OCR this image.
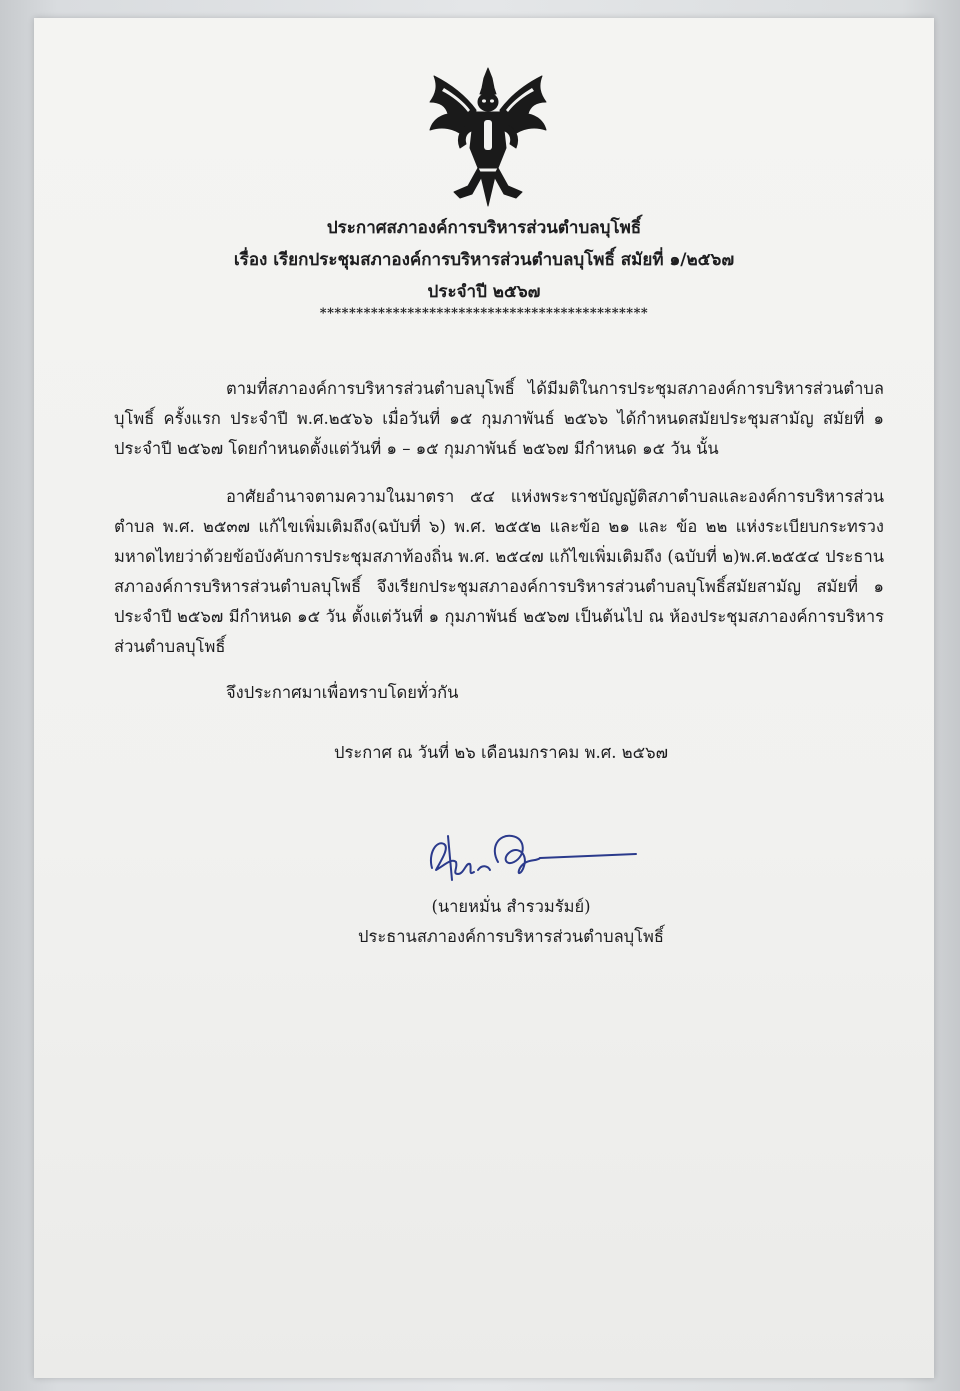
ประกาศสภาองค์การบริหารส่วนตำบลบุโพธิ์
เรื่อง เรียกประชุมสภาองค์การบริหารส่วนตำบลบุโพธิ์ สมัยที่ ๑/๒๕๖๗
ประจำปี ๒๕๖๗
*********************************************
ตามที่สภาองค์การบริหารส่วนตำบลบุโพธิ์ ได้มีมติในการประชุมสภาองค์การบริหารส่วนตำบลบุโพธิ์ ครั้งแรก ประจำปี พ.ศ.๒๕๖๖ เมื่อวันที่ ๑๕ กุมภาพันธ์ ๒๕๖๖ ได้กำหนดสมัยประชุมสามัญ สมัยที่ ๑ ประจำปี ๒๕๖๗ โดยกำหนดตั้งแต่วันที่ ๑ – ๑๕ กุมภาพันธ์ ๒๕๖๗ มีกำหนด ๑๕ วัน นั้น
อาศัยอำนาจตามความในมาตรา ๕๔ แห่งพระราชบัญญัติสภาตำบลและองค์การบริหารส่วนตำบล พ.ศ. ๒๕๓๗ แก้ไขเพิ่มเติมถึง(ฉบับที่ ๖) พ.ศ. ๒๕๕๒ และข้อ ๒๑ และ ข้อ ๒๒ แห่งระเบียบกระทรวงมหาดไทยว่าด้วยข้อบังคับการประชุมสภาท้องถิ่น พ.ศ. ๒๕๔๗ แก้ไขเพิ่มเติมถึง (ฉบับที่ ๒)พ.ศ.๒๕๕๔ ประธานสภาองค์การบริหารส่วนตำบลบุโพธิ์ จึงเรียกประชุมสภาองค์การบริหารส่วนตำบลบุโพธิ์สมัยสามัญ สมัยที่ ๑ ประจำปี ๒๕๖๗ มีกำหนด ๑๕ วัน ตั้งแต่วันที่ ๑ กุมภาพันธ์ ๒๕๖๗ เป็นต้นไป ณ ห้องประชุมสภาองค์การบริหารส่วนตำบลบุโพธิ์
จึงประกาศมาเพื่อทราบโดยทั่วกัน
ประกาศ ณ วันที่ ๒๖ เดือนมกราคม พ.ศ. ๒๕๖๗
(นายหมั่น สำรวมรัมย์)
ประธานสภาองค์การบริหารส่วนตำบลบุโพธิ์
